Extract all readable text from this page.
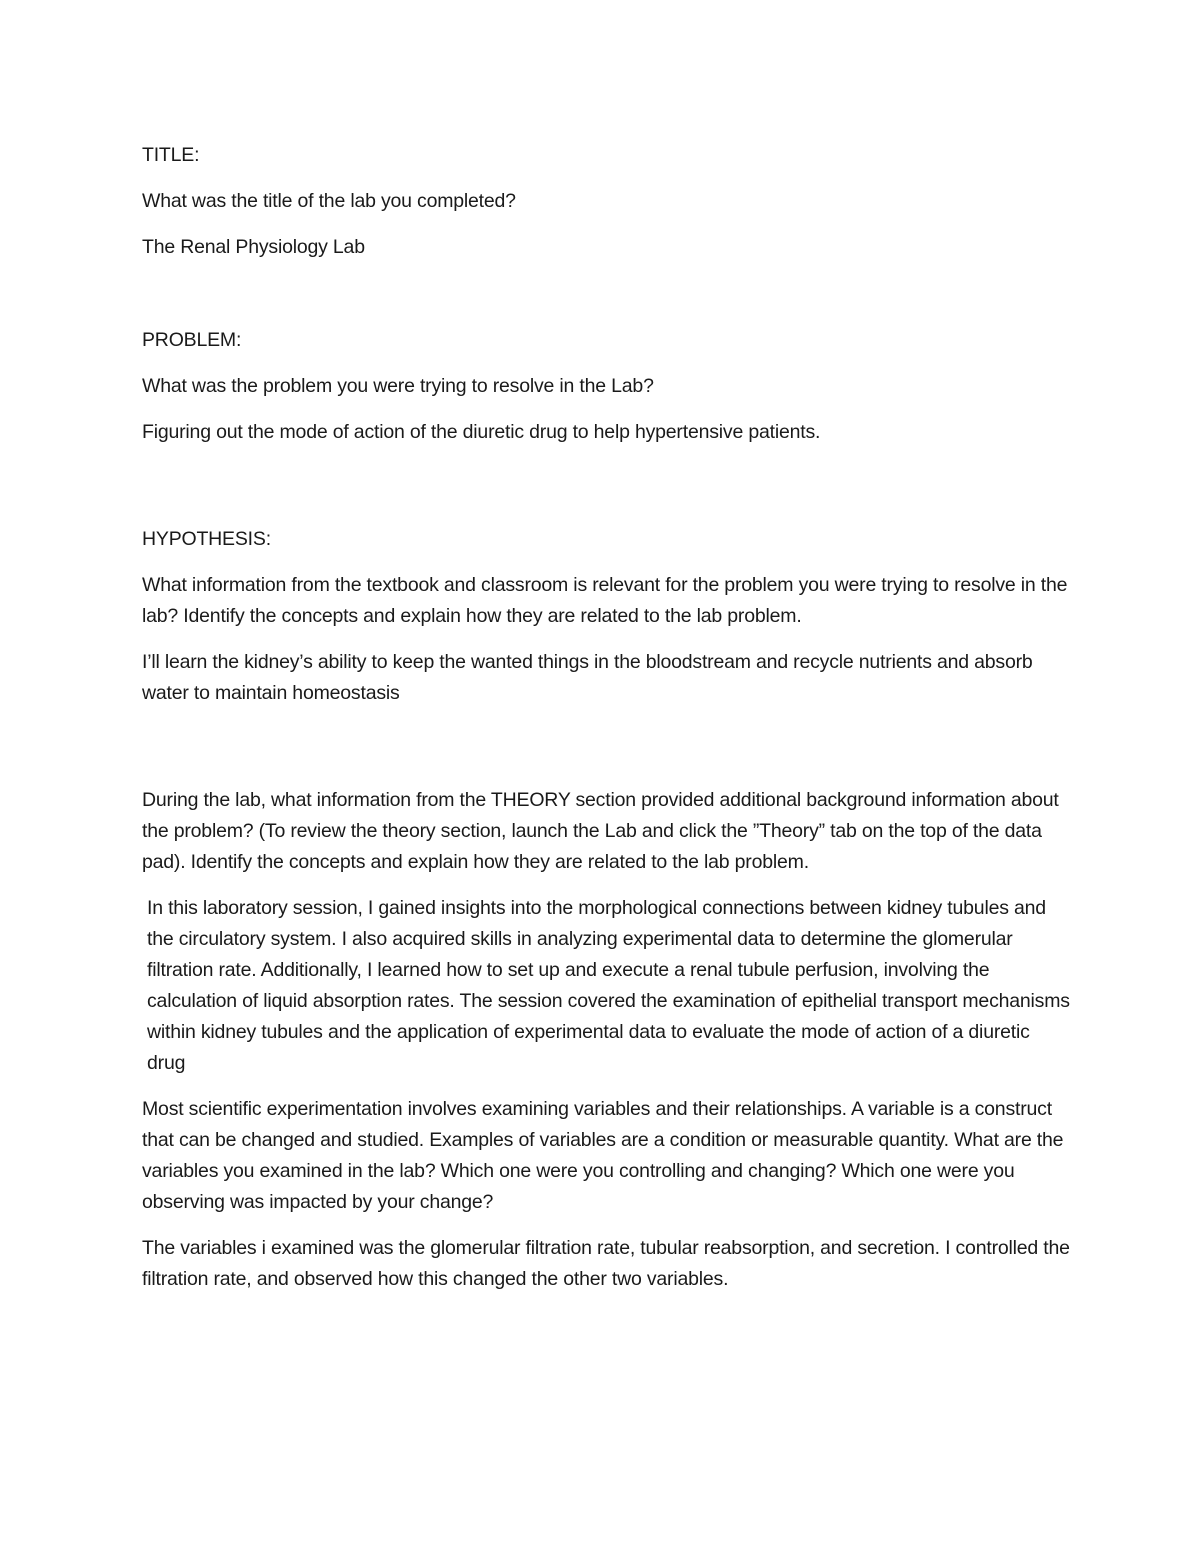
TITLE:

What was the title of the lab you completed?

The Renal Physiology Lab

PROBLEM:

What was the problem you were trying to resolve in the Lab?

Figuring out the mode of action of the diuretic drug to help hypertensive patients.

HYPOTHESIS:

What information from the textbook and classroom is relevant for the problem you were trying to resolve in the lab? Identify the concepts and explain how they are related to the lab problem.

I’ll learn the kidney’s ability to keep the wanted things in the bloodstream and recycle nutrients and absorb water to maintain homeostasis

During the lab, what information from the THEORY section provided additional background information about the problem? (To review the theory section, launch the Lab and click the ”Theory” tab on the top of the data pad). Identify the concepts and explain how they are related to the lab problem.

In this laboratory session, I gained insights into the morphological connections between kidney tubules and the circulatory system. I also acquired skills in analyzing experimental data to determine the glomerular filtration rate. Additionally, I learned how to set up and execute a renal tubule perfusion, involving the calculation of liquid absorption rates. The session covered the examination of epithelial transport mechanisms within kidney tubules and the application of experimental data to evaluate the mode of action of a diuretic drug

Most scientific experimentation involves examining variables and their relationships. A variable is a construct that can be changed and studied. Examples of variables are a condition or measurable quantity. What are the variables you examined in the lab? Which one were you controlling and changing? Which one were you observing was impacted by your change?

The variables i examined was the glomerular filtration rate, tubular reabsorption, and secretion. I controlled the filtration rate, and observed how this changed the other two variables.
